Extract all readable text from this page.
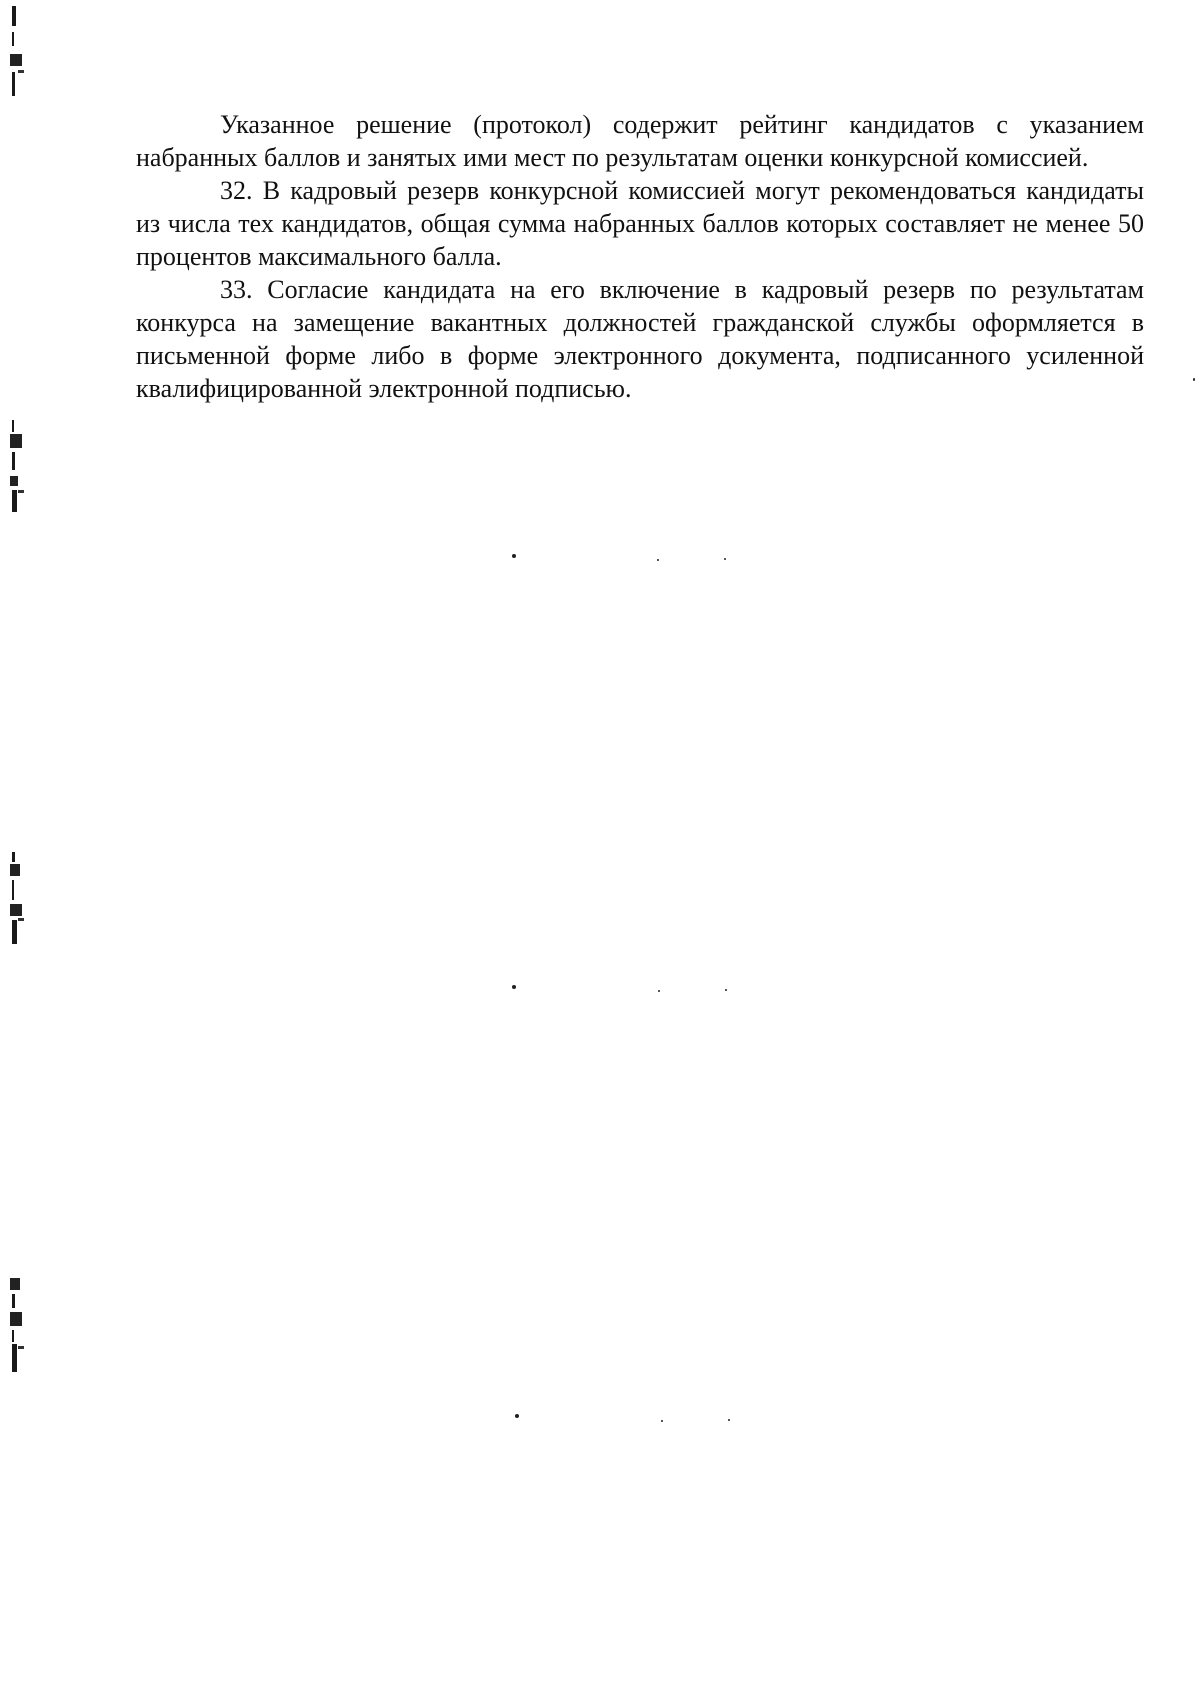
Указанное решение (протокол) содержит рейтинг кандидатов с указанием набранных баллов и занятых ими мест по результатам оценки конкурсной комиссией.

32. В кадровый резерв конкурсной комиссией могут рекомендоваться кандидаты из числа тех кандидатов, общая сумма набранных баллов которых составляет не менее 50 процентов максимального балла.

33. Согласие кандидата на его включение в кадровый резерв по результатам конкурса на замещение вакантных должностей гражданской службы оформляется в письменной форме либо в форме электронного документа, подписанного усиленной квалифицированной электронной подписью.
